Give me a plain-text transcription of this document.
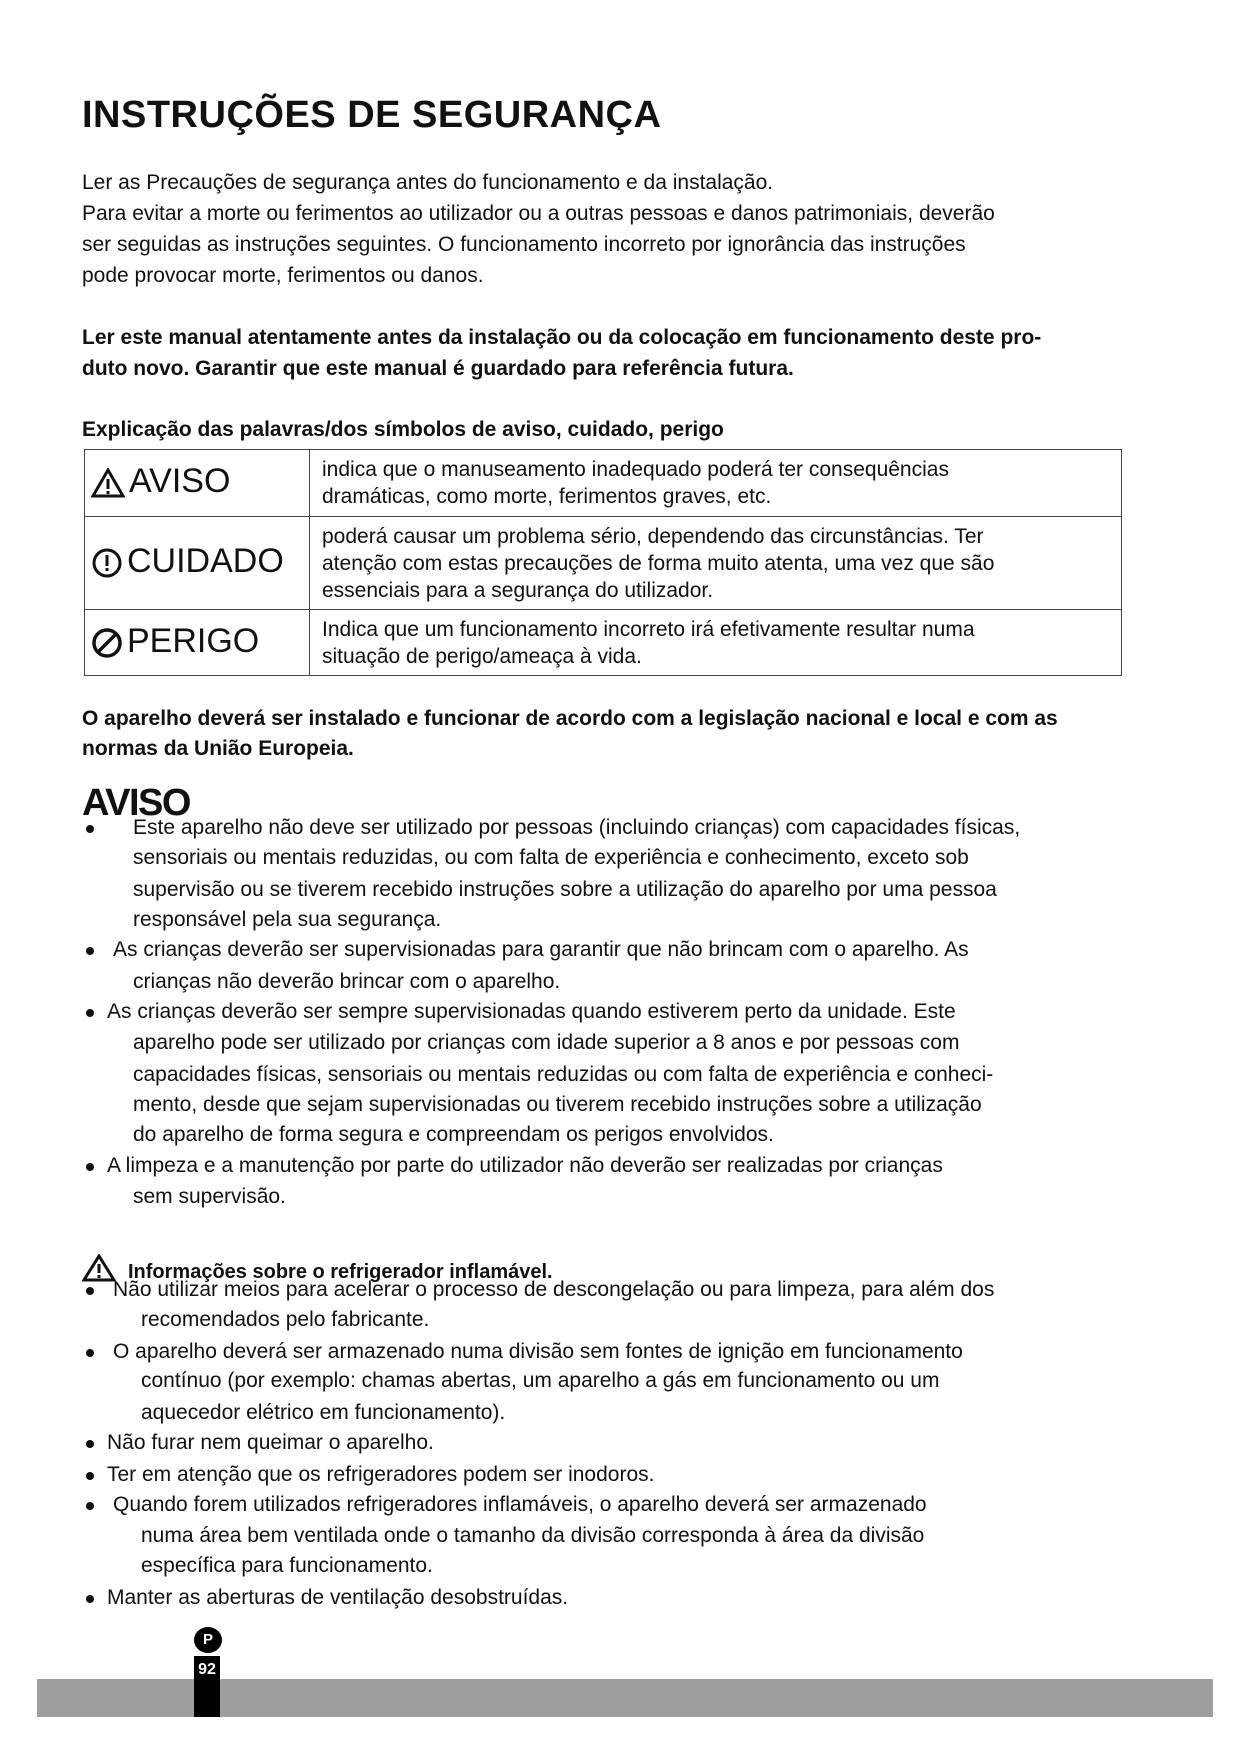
INSTRUÇÕES DE SEGURANÇA
Ler as Precauções de segurança antes do funcionamento e da instalação.
Para evitar a morte ou ferimentos ao utilizador ou a outras pessoas e danos patrimoniais, deverão
ser seguidas as instruções seguintes. O funcionamento incorreto por ignorância das instruções
pode provocar morte, ferimentos ou danos.
Ler este manual atentamente antes da instalação ou da colocação em funcionamento deste pro-
duto novo. Garantir que este manual é guardado para referência futura.
Explicação das palavras/dos símbolos de aviso, cuidado, perigo
AVISO	indica que o manuseamento inadequado poderá ter consequências
dramáticas, como morte, ferimentos graves, etc.

CUIDADO	poderá causar um problema sério, dependendo das circunstâncias. Ter
atenção com estas precauções de forma muito atenta, uma vez que são
essenciais para a segurança do utilizador.

PERIGO	Indica que um funcionamento incorreto irá efetivamente resultar numa
situação de perigo/ameaça à vida.
O aparelho deverá ser instalado e funcionar de acordo com a legislação nacional e local e com as
normas da União Europeia.
AVISO
Este aparelho não deve ser utilizado por pessoas (incluindo crianças) com capacidades físicas,
sensoriais ou mentais reduzidas, ou com falta de experiência e conhecimento, exceto sob
supervisão ou se tiverem recebido instruções sobre a utilização do aparelho por uma pessoa
responsável pela sua segurança.
As crianças deverão ser supervisionadas para garantir que não brincam com o aparelho. As
crianças não deverão brincar com o aparelho.
As crianças deverão ser sempre supervisionadas quando estiverem perto da unidade. Este
aparelho pode ser utilizado por crianças com idade superior a 8 anos e por pessoas com
capacidades físicas, sensoriais ou mentais reduzidas ou com falta de experiência e conheci-
mento, desde que sejam supervisionadas ou tiverem recebido instruções sobre a utilização
do aparelho de forma segura e compreendam os perigos envolvidos.
A limpeza e a manutenção por parte do utilizador não deverão ser realizadas por crianças
sem supervisão.
Informações sobre o refrigerador inflamável.
Não utilizar meios para acelerar o processo de descongelação ou para limpeza, para além dos
recomendados pelo fabricante.
O aparelho deverá ser armazenado numa divisão sem fontes de ignição em funcionamento
contínuo (por exemplo: chamas abertas, um aparelho a gás em funcionamento ou um
aquecedor elétrico em funcionamento).
Não furar nem queimar o aparelho.
Ter em atenção que os refrigeradores podem ser inodoros.
Quando forem utilizados refrigeradores inflamáveis, o aparelho deverá ser armazenado
numa área bem ventilada onde o tamanho da divisão corresponda à área da divisão
específica para funcionamento.
Manter as aberturas de ventilação desobstruídas.
P
92
